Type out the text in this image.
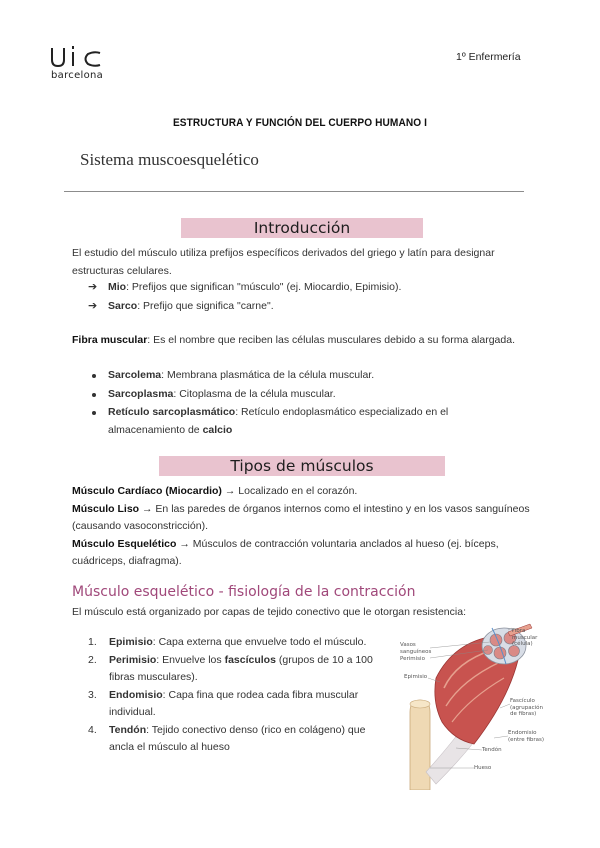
barcelona
1º Enfermería
ESTRUCTURA Y FUNCIÓN DEL CUERPO HUMANO I
Sistema muscoesquelético
Introducción
El estudio del músculo utiliza prefijos específicos derivados del griego y latín para designar estructuras celulares.
➔ Mio: Prefijos que significan "músculo" (ej. Miocardio, Epimisio).
➔ Sarco: Prefijo que significa "carne".
Fibra muscular: Es el nombre que reciben las células musculares debido a su forma alargada.
Sarcolema: Membrana plasmática de la célula muscular.
Sarcoplasma: Citoplasma de la célula muscular.
Retículo sarcoplasmático: Retículo endoplasmático especializado en el almacenamiento de calcio
Tipos de músculos
Músculo Cardíaco (Miocardio) → Localizado en el corazón.
Músculo Liso → En las paredes de órganos internos como el intestino y en los vasos sanguíneos (causando vasoconstricción).
Músculo Esquelético → Músculos de contracción voluntaria anclados al hueso (ej. bíceps, cuádriceps, diafragma).
Músculo esquelético - fisiología de la contracción
El músculo está organizado por capas de tejido conectivo que le otorgan resistencia:
1. Epimisio: Capa externa que envuelve todo el músculo.
2. Perimisio: Envuelve los fascículos (grupos de 10 a 100 fibras musculares).
3. Endomisio: Capa fina que rodea cada fibra muscular individual.
4. Tendón: Tejido conectivo denso (rico en colágeno) que ancla el músculo al hueso
Fibra muscular (célula)
Vasos sanguíneos
Perimisio
Epimisio
Fascículo (agrupación de fibras)
Endomisio (entre fibras)
Tendón
Hueso
